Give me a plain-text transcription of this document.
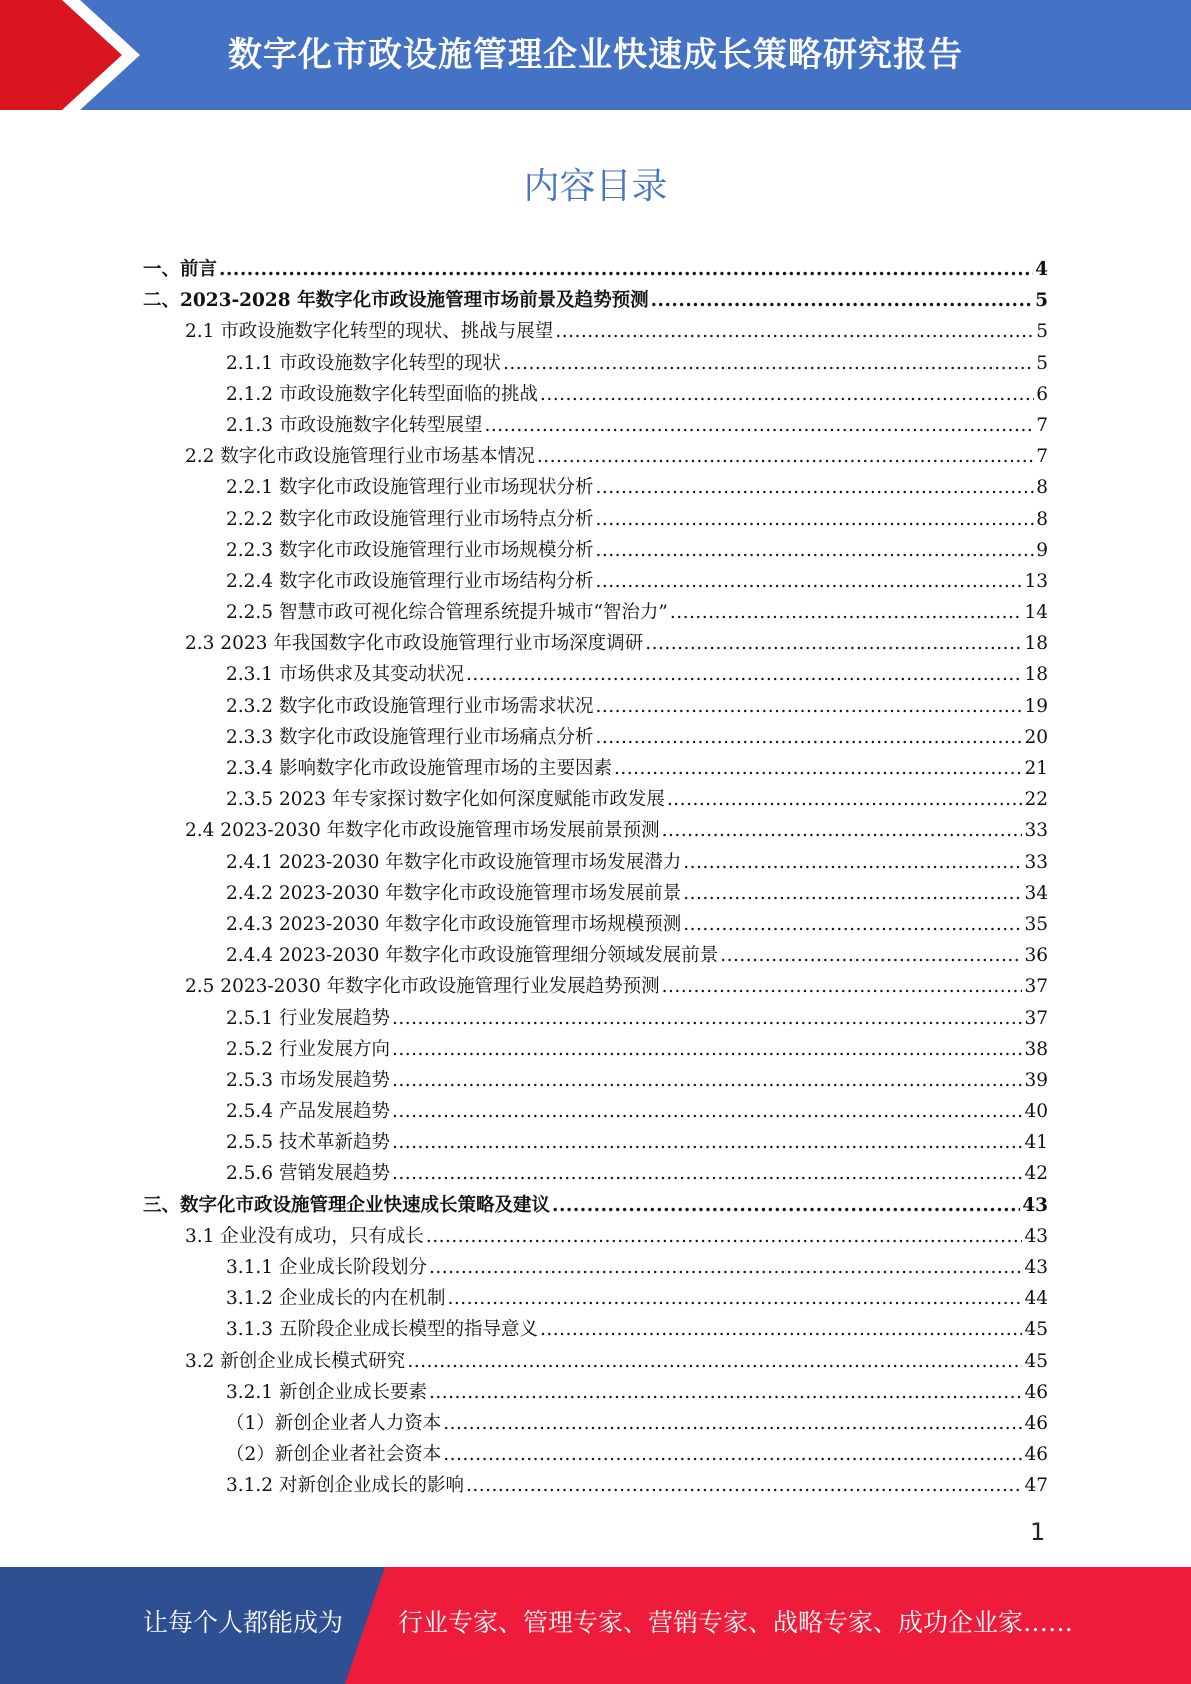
数字化市政设施管理企业快速成长策略研究报告
内容目录
一、前言 .....	4
二、2023-2028 年数字化市政设施管理市场前景及趋势预测 .....	5
2.1 市政设施数字化转型的现状、挑战与展望 .....	5
2.1.1 市政设施数字化转型的现状 .....	5
2.1.2 市政设施数字化转型面临的挑战 .....	6
2.1.3 市政设施数字化转型展望 .....	7
2.2 数字化市政设施管理行业市场基本情况 .....	7
2.2.1 数字化市政设施管理行业市场现状分析 .....	8
2.2.2 数字化市政设施管理行业市场特点分析 .....	8
2.2.3 数字化市政设施管理行业市场规模分析 .....	9
2.2.4 数字化市政设施管理行业市场结构分析 .....	13
2.2.5 智慧市政可视化综合管理系统提升城市“智治力” .....	14
2.3 2023 年我国数字化市政设施管理行业市场深度调研 .....	18
2.3.1 市场供求及其变动状况 .....	18
2.3.2 数字化市政设施管理行业市场需求状况 .....	19
2.3.3 数字化市政设施管理行业市场痛点分析 .....	20
2.3.4 影响数字化市政设施管理市场的主要因素 .....	21
2.3.5 2023 年专家探讨数字化如何深度赋能市政发展 .....	22
2.4 2023-2030 年数字化市政设施管理市场发展前景预测 .....	33
2.4.1 2023-2030 年数字化市政设施管理市场发展潜力 .....	33
2.4.2 2023-2030 年数字化市政设施管理市场发展前景 .....	34
2.4.3 2023-2030 年数字化市政设施管理市场规模预测 .....	35
2.4.4 2023-2030 年数字化市政设施管理细分领域发展前景 .....	36
2.5 2023-2030 年数字化市政设施管理行业发展趋势预测 .....	37
2.5.1 行业发展趋势 .....	37
2.5.2 行业发展方向 .....	38
2.5.3 市场发展趋势 .....	39
2.5.4 产品发展趋势 .....	40
2.5.5 技术革新趋势 .....	41
2.5.6 营销发展趋势 .....	42
三、数字化市政设施管理企业快速成长策略及建议 .....	43
3.1 企业没有成功，只有成长 .....	43
3.1.1 企业成长阶段划分 .....	43
3.1.2 企业成长的内在机制 .....	44
3.1.3 五阶段企业成长模型的指导意义 .....	45
3.2 新创企业成长模式研究 .....	45
3.2.1 新创企业成长要素 .....	46
（1）新创企业者人力资本 .....	46
（2）新创企业者社会资本 .....	46
3.1.2 对新创企业成长的影响 .....	47
1
让每个人都能成为 行业专家、管理专家、营销专家、战略专家、成功企业家……
